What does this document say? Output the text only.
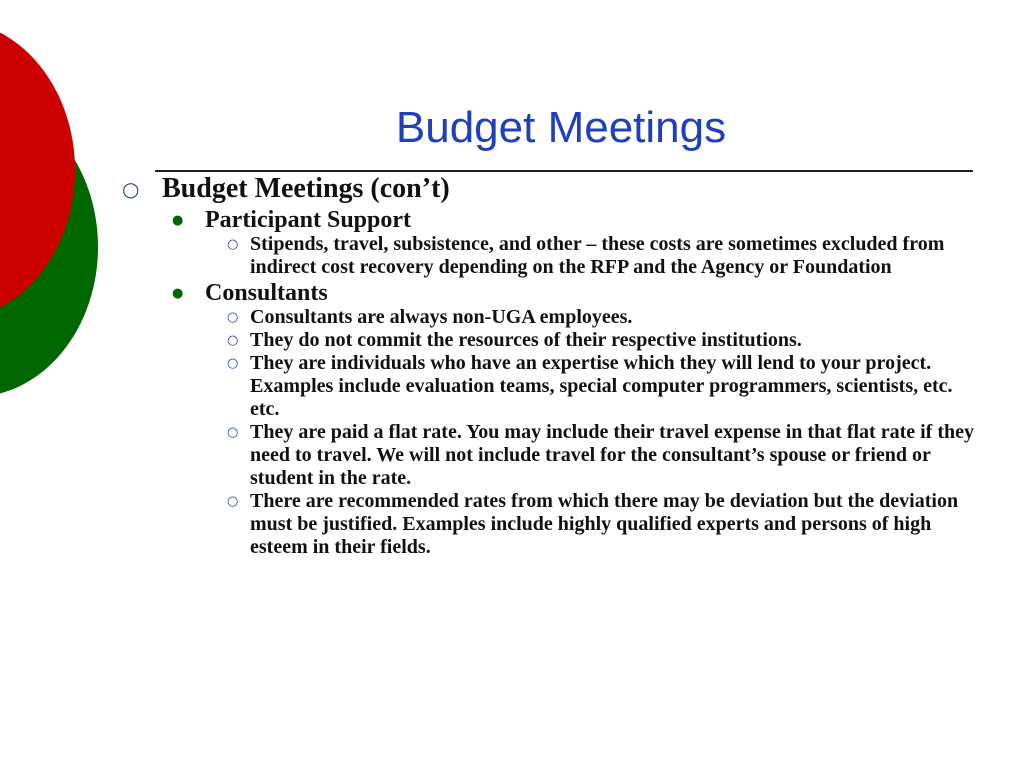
Budget Meetings
○ Budget Meetings (con’t)
● Participant Support
○ Stipends, travel, subsistence, and other – these costs are sometimes excluded from indirect cost recovery depending on the RFP and the Agency or Foundation
● Consultants
○ Consultants are always non-UGA employees.
○ They do not commit the resources of their respective institutions.
○ They are individuals who have an expertise which they will lend to your project. Examples include evaluation teams, special computer programmers, scientists, etc. etc.
○ They are paid a flat rate. You may include their travel expense in that flat rate if they need to travel. We will not include travel for the consultant’s spouse or friend or student in the rate.
○ There are recommended rates from which there may be deviation but the deviation must be justified. Examples include highly qualified experts and persons of high esteem in their fields.
